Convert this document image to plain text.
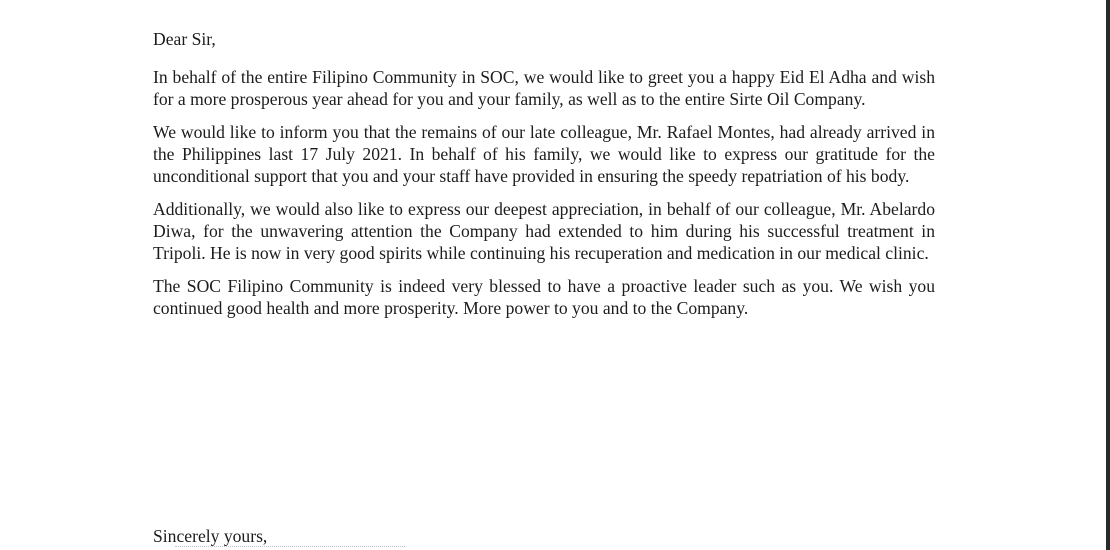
Dear Sir,

In behalf of the entire Filipino Community in SOC, we would like to greet you a happy Eid El Adha and wish for a more prosperous year ahead for you and your family, as well as to the entire Sirte Oil Company.

We would like to inform you that the remains of our late colleague, Mr. Rafael Montes, had already arrived in the Philippines last 17 July 2021. In behalf of his family, we would like to express our gratitude for the unconditional support that you and your staff have provided in ensuring the speedy repatriation of his body.

Additionally, we would also like to express our deepest appreciation, in behalf of our colleague, Mr. Abelardo Diwa, for the unwavering attention the Company had extended to him during his successful treatment in Tripoli. He is now in very good spirits while continuing his recuperation and medication in our medical clinic.

The SOC Filipino Community is indeed very blessed to have a proactive leader such as you. We wish you continued good health and more prosperity. More power to you and to the Company.

Sincerely yours,
